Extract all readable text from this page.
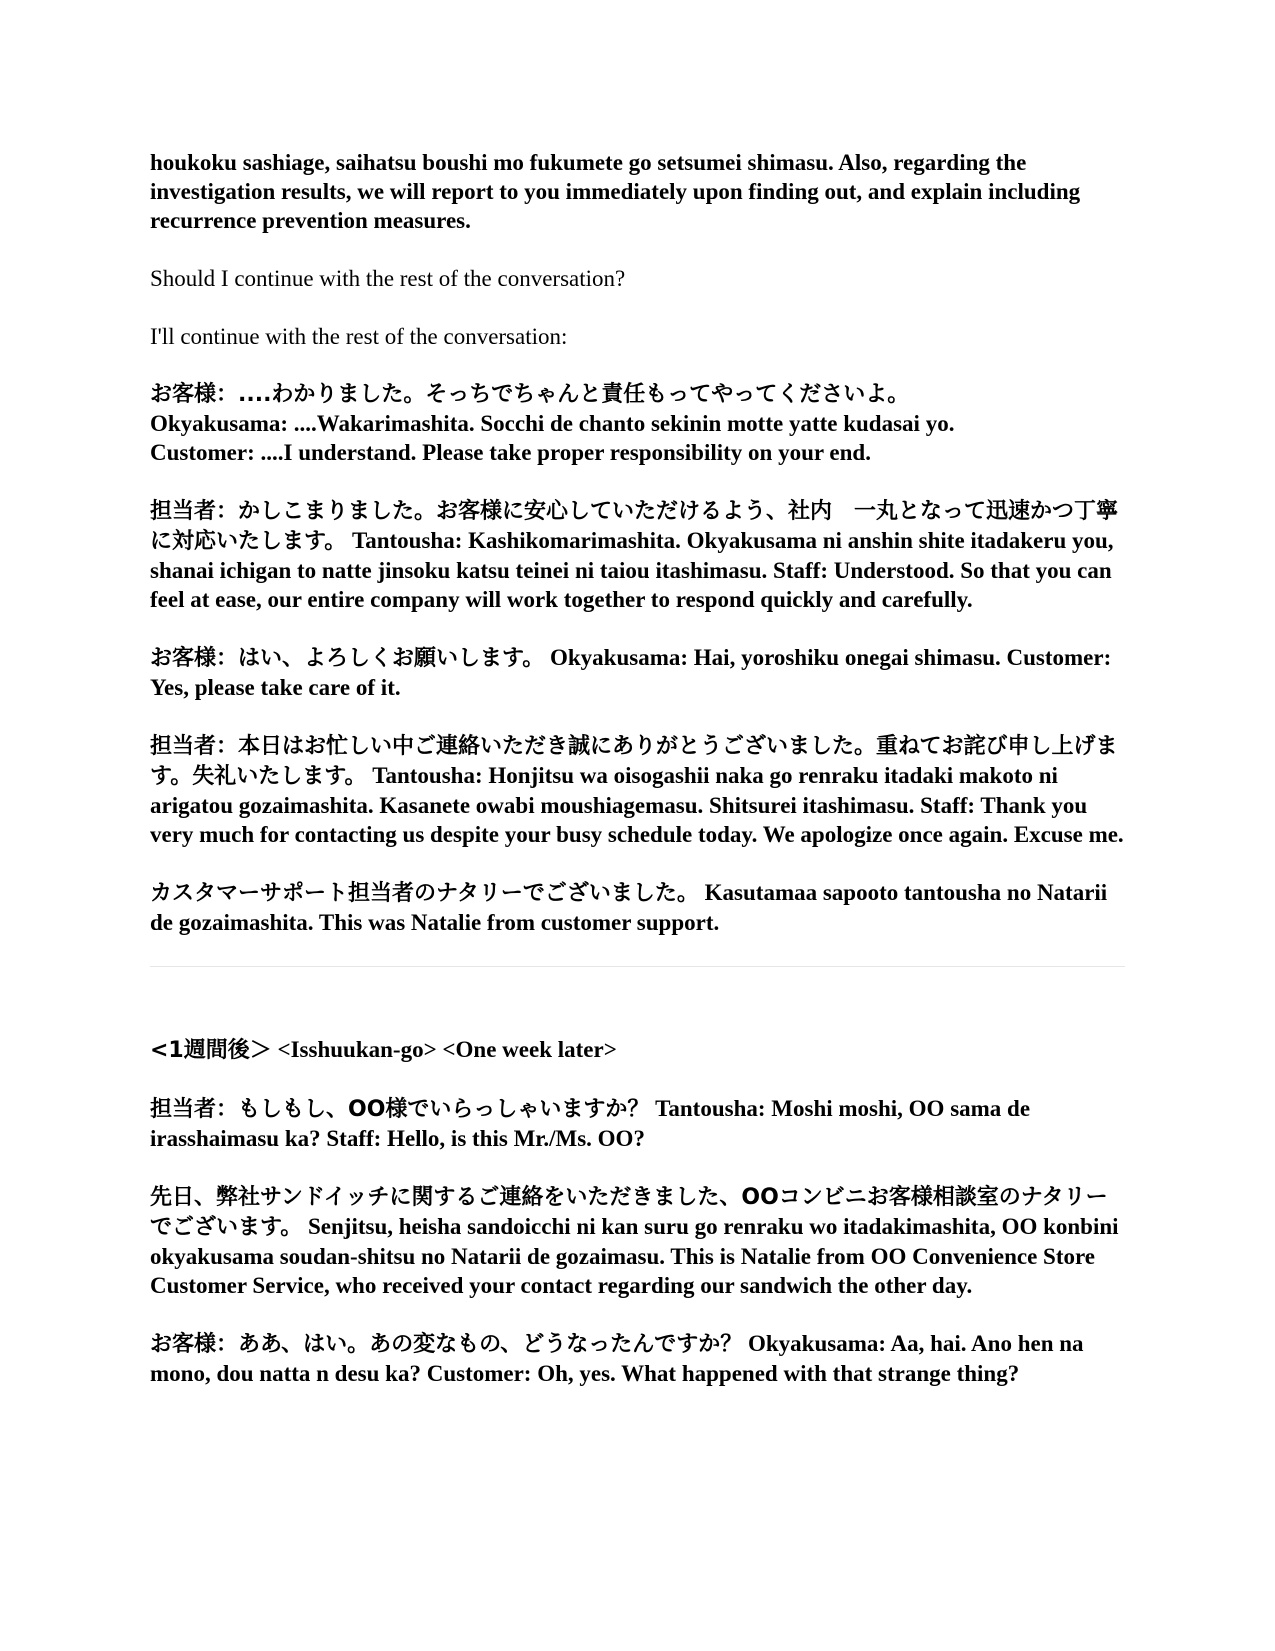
houkoku sashiage, saihatsu boushi mo fukumete go setsumei shimasu. Also, regarding the investigation results, we will report to you immediately upon finding out, and explain including recurrence prevention measures.

Should I continue with the rest of the conversation?

I'll continue with the rest of the conversation:

お客様：....わかりました。そっちでちゃんと責任もってやってくださいよ。
Okyakusama: ....Wakarimashita. Socchi de chanto sekinin motte yatte kudasai yo.
Customer: ....I understand. Please take proper responsibility on your end.

担当者：かしこまりました。お客様に安心していただけるよう、社内　一丸となって迅速かつ丁寧に対応いたします。 Tantousha: Kashikomarimashita. Okyakusama ni anshin shite itadakeru you, shanai ichigan to natte jinsoku katsu teinei ni taiou itashimasu. Staff: Understood. So that you can feel at ease, our entire company will work together to respond quickly and carefully.

お客様：はい、よろしくお願いします。 Okyakusama: Hai, yoroshiku onegai shimasu. Customer: Yes, please take care of it.

担当者：本日はお忙しい中ご連絡いただき誠にありがとうございました。重ねてお詫び申し上げます。失礼いたします。 Tantousha: Honjitsu wa oisogashii naka go renraku itadaki makoto ni arigatou gozaimashita. Kasanete owabi moushiagemasu. Shitsurei itashimasu. Staff: Thank you very much for contacting us despite your busy schedule today. We apologize once again. Excuse me.

カスタマーサポート担当者のナタリーでございました。 Kasutamaa sapooto tantousha no Natarii de gozaimashita. This was Natalie from customer support.

<1週間後＞ <Isshuukan-go> <One week later>

担当者：もしもし、OO様でいらっしゃいますか？ Tantousha: Moshi moshi, OO sama de irasshaimasu ka? Staff: Hello, is this Mr./Ms. OO?

先日、弊社サンドイッチに関するご連絡をいただきました、OOコンビニお客様相談室のナタリーでございます。 Senjitsu, heisha sandoicchi ni kan suru go renraku wo itadakimashita, OO konbini okyakusama soudan-shitsu no Natarii de gozaimasu. This is Natalie from OO Convenience Store Customer Service, who received your contact regarding our sandwich the other day.

お客様：ああ、はい。あの変なもの、どうなったんですか？ Okyakusama: Aa, hai. Ano hen na mono, dou natta n desu ka? Customer: Oh, yes. What happened with that strange thing?
